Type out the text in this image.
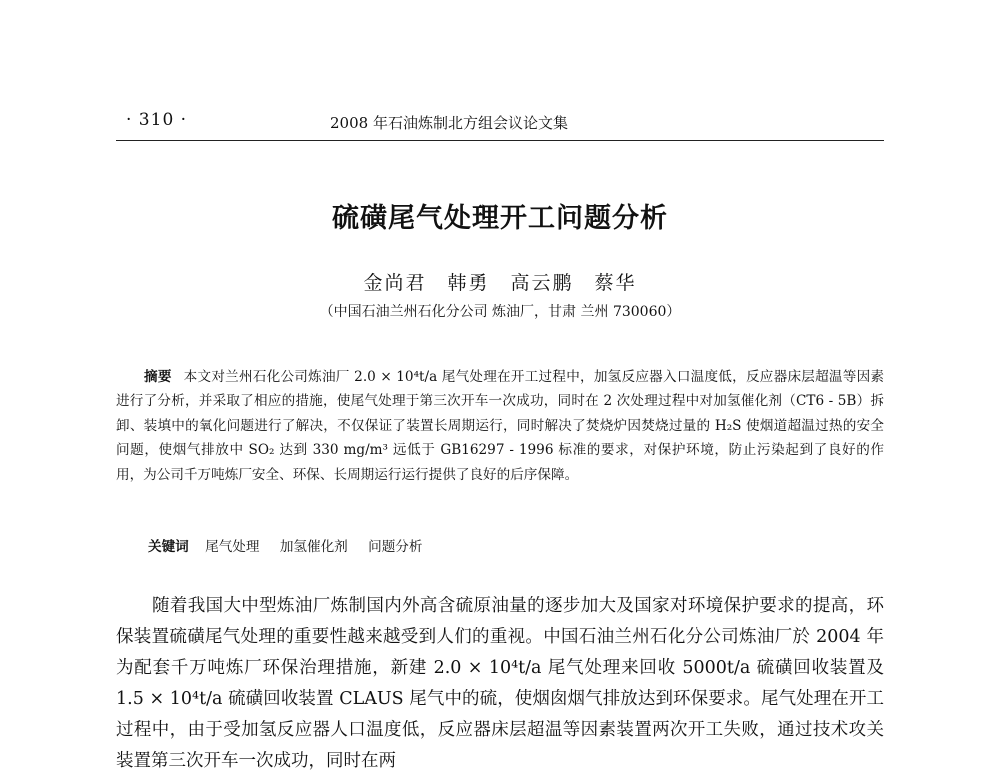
· 310 ·	2008 年石油炼制北方组会议论文集
硫磺尾气处理开工问题分析
金尚君　韩勇　高云鹏　蔡华
（中国石油兰州石化分公司 炼油厂，甘肃 兰州 730060）
摘要 本文对兰州石化公司炼油厂 2.0 × 10⁴t/a 尾气处理在开工过程中，加氢反应器入口温度低，反应器床层超温等因素进行了分析，并采取了相应的措施，使尾气处理于第三次开车一次成功，同时在 2 次处理过程中对加氢催化剂（CT6 - 5B）拆卸、装填中的氧化问题进行了解决，不仅保证了装置长周期运行，同时解决了焚烧炉因焚烧过量的 H₂S 使烟道超温过热的安全问题，使烟气排放中 SO₂ 达到 330 mg/m³ 远低于 GB16297 - 1996 标准的要求，对保护环境，防止污染起到了良好的作用，为公司千万吨炼厂安全、环保、长周期运行运行提供了良好的后序保障。
关键词 尾气处理 加氢催化剂 问题分析
随着我国大中型炼油厂炼制国内外高含硫原油量的逐步加大及国家对环境保护要求的提高，环保装置硫磺尾气处理的重要性越来越受到人们的重视。中国石油兰州石化分公司炼油厂於 2004 年为配套千万吨炼厂环保治理措施，新建 2.0 × 10⁴t/a 尾气处理来回收 5000t/a 硫磺回收装置及 1.5 × 10⁴t/a 硫磺回收装置 CLAUS 尾气中的硫，使烟囱烟气排放达到环保要求。尾气处理在开工过程中，由于受加氢反应器人口温度低，反应器床层超温等因素装置两次开工失败，通过技术攻关装置第三次开车一次成功，同时在两
